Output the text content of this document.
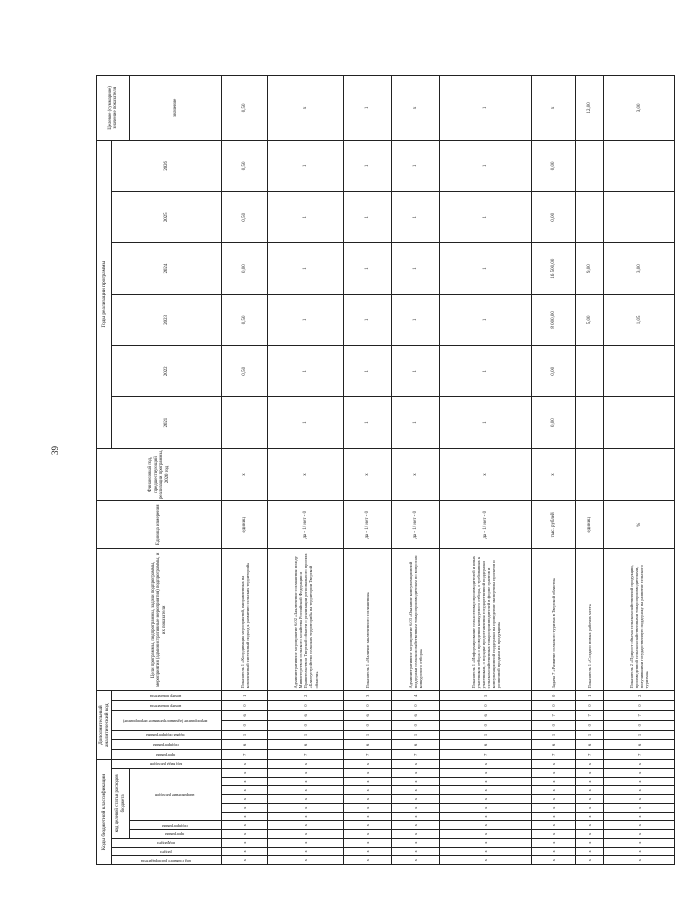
39
Коды бюджетной классификации												Дополнительный аналитический код							Цели программы, подпрограммы, задачи подпрограммы, мероприятия (административные мероприятия) подпрограммы, и их показатели	Единица измерения	Финансовый год, предшествующий реализации программы, 2020 год	Годы реализации программы						Целевое (суммарное) значение показателя
код главного распорядителя	раздел	подраздел	код целевой статьи расходов бюджета								код вида расходов	программа	подпрограмма	задача подпрограммы	мероприятие (административное мероприятие)		номер показателя	номер показателя				2021	2022	2023	2024	2025	2026	
			программа	подпрограмма	направление расходов																							значение
х	х	х	х	х	х	х	х	х	х	х	х	7	6	1	0	6	0	1	Показатель 1 «Координация мероприятий, направленных на комплексный системный подход к развитию сельских территорий»	единиц	х		0,50	0,50	0,00	0,50	0,50	0,50
х	х	х	х	х	х	х	х	х	х	х	х	7	6	1	0	6	0	2	Административное мероприятие 6.02 «Заключение соглашения между Министерством сельского хозяйства Российской Федерации и Правительством Тверской области о реализации регионального проекта «Благоустройство сельских территорий» на территории Тверской области»	да - 1/ нет - 0	х	1	1	1	1	1	1	х
х	х	х	х	х	х	х	х	х	х	х	х	7	6	1	0	6	0	3	Показатель 1 «Наличие заключенного соглашения»	да - 1/ нет - 0	х	1	1	1	1	1	1	1
х	х	х	х	х	х	х	х	х	х	х	х	7	6	1	0	6	0	4	Административное мероприятие 6.03 «Оказание консультационной поддержки сельскохозяйственным товаропроизводителям по вопросам конкурсного отбора»	да - 1/ нет - 0	х	1	1	1	1	1	1	х
х	х	х	х	х	х	х	х	х	х	х	х	7	6	1	0	6	0	5	Показатель 1 «Информирование сельхозтоваропроизводителей и иных участников отбора о проведении конкурсного отбора, о требованиях к участникам, о порядке предоставления государственной поддержки сельскохозяйственных товаропроизводителей в форме грантов и консультационной поддержки на проведение экспертизы проектов и розничной продажи их продукции»	да - 1/ нет - 0	х	1	1	1	1	1	1	1
х	х	х	х	х	х	х	х	х	х	х	х	7	6	1	0	7	0	0	Задача 7 «Развитие сельского туризма в Тверской области»	тыс. рублей	х	0,00	0,00	8 000,00	16 500,00	0,00	0,00	х
х	х	х	х	х	х	х	х	х	х	х	х	7	6	1	0	7	0	1	Показатель 1 «Создано новых рабочих мест»	единиц				5,00	9,00			12,00
х	х	х	х	х	х	х	х	х	х	х	х	7	6	1	0	7	0	2	Показатель 2 «Прирост объема сельскохозяйственной продукции, произведенной сельскохозяйственными товаропроизводителями, получившими государственную поддержку на развитие сельского туризма»	%				1,05	3,00			3,00
